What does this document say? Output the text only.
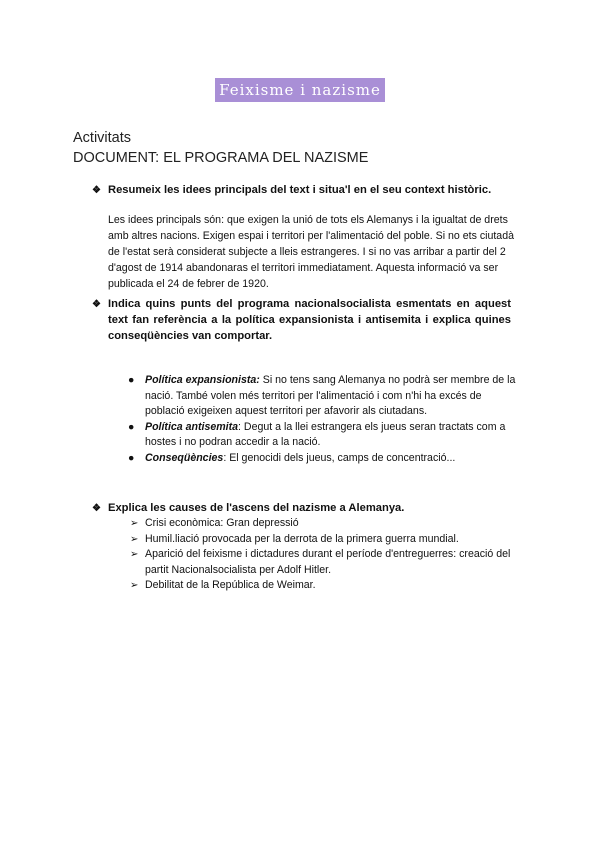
Feixisme i nazisme
Activitats
DOCUMENT: EL PROGRAMA DEL NAZISME
❖ Resumeix les idees principals del text i situa'l en el seu context històric.
Les idees principals són: que exigen la unió de tots els Alemanys i la igualtat de drets amb altres nacions. Exigen espai i territori per l'alimentació del poble. Si no ets ciutadà de l'estat serà considerat subjecte a lleis estrangeres. I si no vas arribar a partir del 2 d'agost de 1914 abandonaras el territori immediatament. Aquesta informació va ser publicada el 24 de febrer de 1920.
❖ Indica quins punts del programa nacionalsocialista esmentats en aquest text fan referència a la política expansionista i antisemita i explica quines conseqüències van comportar.
● Política expansionista: Si no tens sang Alemanya no podrà ser membre de la nació. També volen més territori per l'alimentació i com n'hi ha excés de població exigeixen aquest territori per afavorir als ciutadans.
● Política antisemita: Degut a la llei estrangera els jueus seran tractats com a hostes i no podran accedir a la nació.
● Conseqüències: El genocidi dels jueus, camps de concentració...
❖ Explica les causes de l'ascens del nazisme a Alemanya.
➢ Crisi econòmica: Gran depressió
➢ Humil.liació provocada per la derrota de la primera guerra mundial.
➢ Aparició del feixisme i dictadures durant el període d'entreguerres: creació del partit Nacionalsocialista per Adolf Hitler.
➢ Debilitat de la República de Weimar.
